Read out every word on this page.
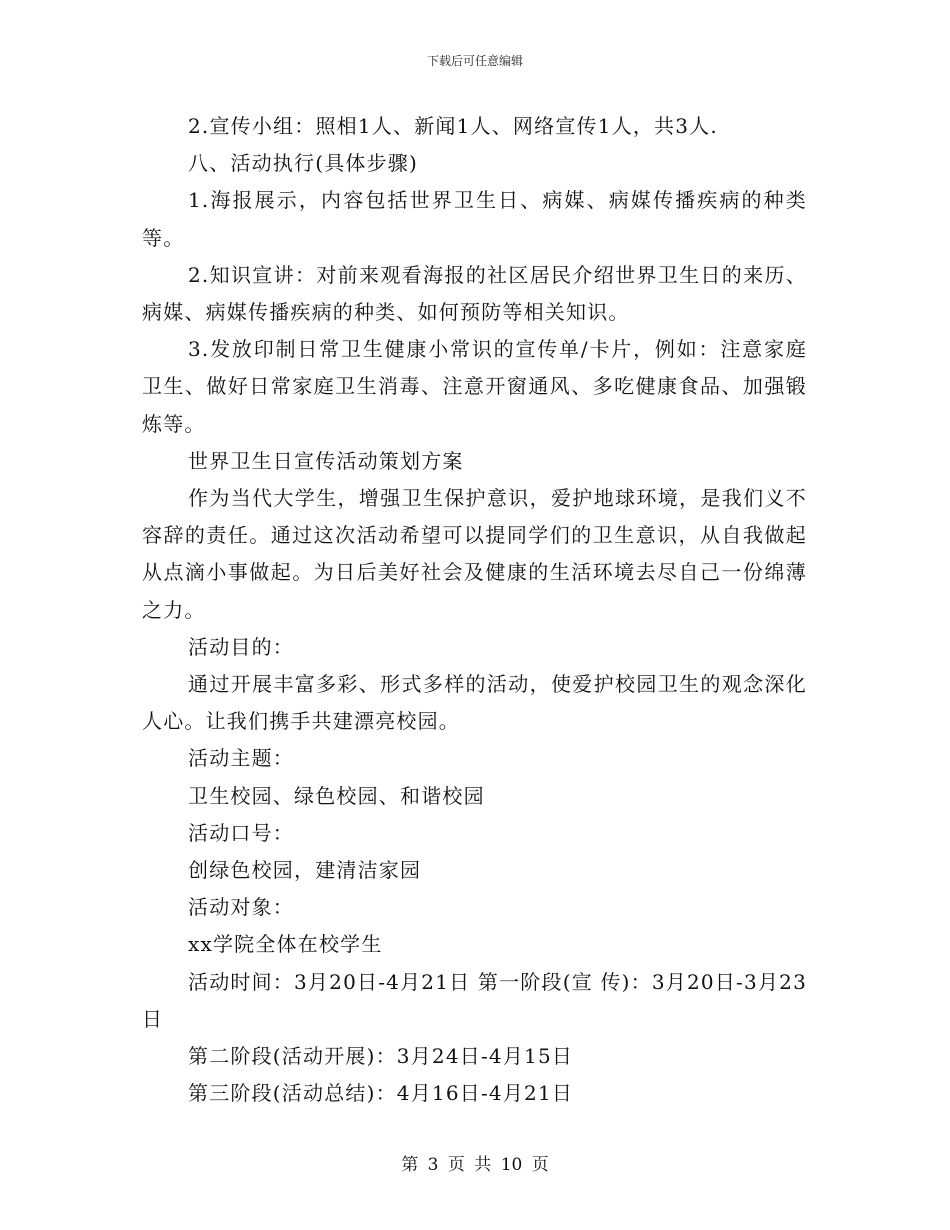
下载后可任意编辑

2.宣传小组：照相1人、新闻1人、网络宣传1人，共3人.

八、活动执行(具体步骤)

1.海报展示，内容包括世界卫生日、病媒、病媒传播疾病的种类等。

2.知识宣讲：对前来观看海报的社区居民介绍世界卫生日的来历、病媒、病媒传播疾病的种类、如何预防等相关知识。

3.发放印制日常卫生健康小常识的宣传单/卡片，例如：注意家庭卫生、做好日常家庭卫生消毒、注意开窗通风、多吃健康食品、加强锻炼等。

世界卫生日宣传活动策划方案

作为当代大学生，增强卫生保护意识，爱护地球环境，是我们义不容辞的责任。通过这次活动希望可以提同学们的卫生意识，从自我做起从点滴小事做起。为日后美好社会及健康的生活环境去尽自己一份绵薄之力。

活动目的：

通过开展丰富多彩、形式多样的活动，使爱护校园卫生的观念深化人心。让我们携手共建漂亮校园。

活动主题：

卫生校园、绿色校园、和谐校园

活动口号：

创绿色校园，建清洁家园

活动对象：

xx学院全体在校学生

活动时间：3月20日-4月21日 第一阶段(宣 传)：3月20日-3月23日

第二阶段(活动开展)：3月24日-4月15日

第三阶段(活动总结)：4月16日-4月21日

第 3 页 共 10 页
